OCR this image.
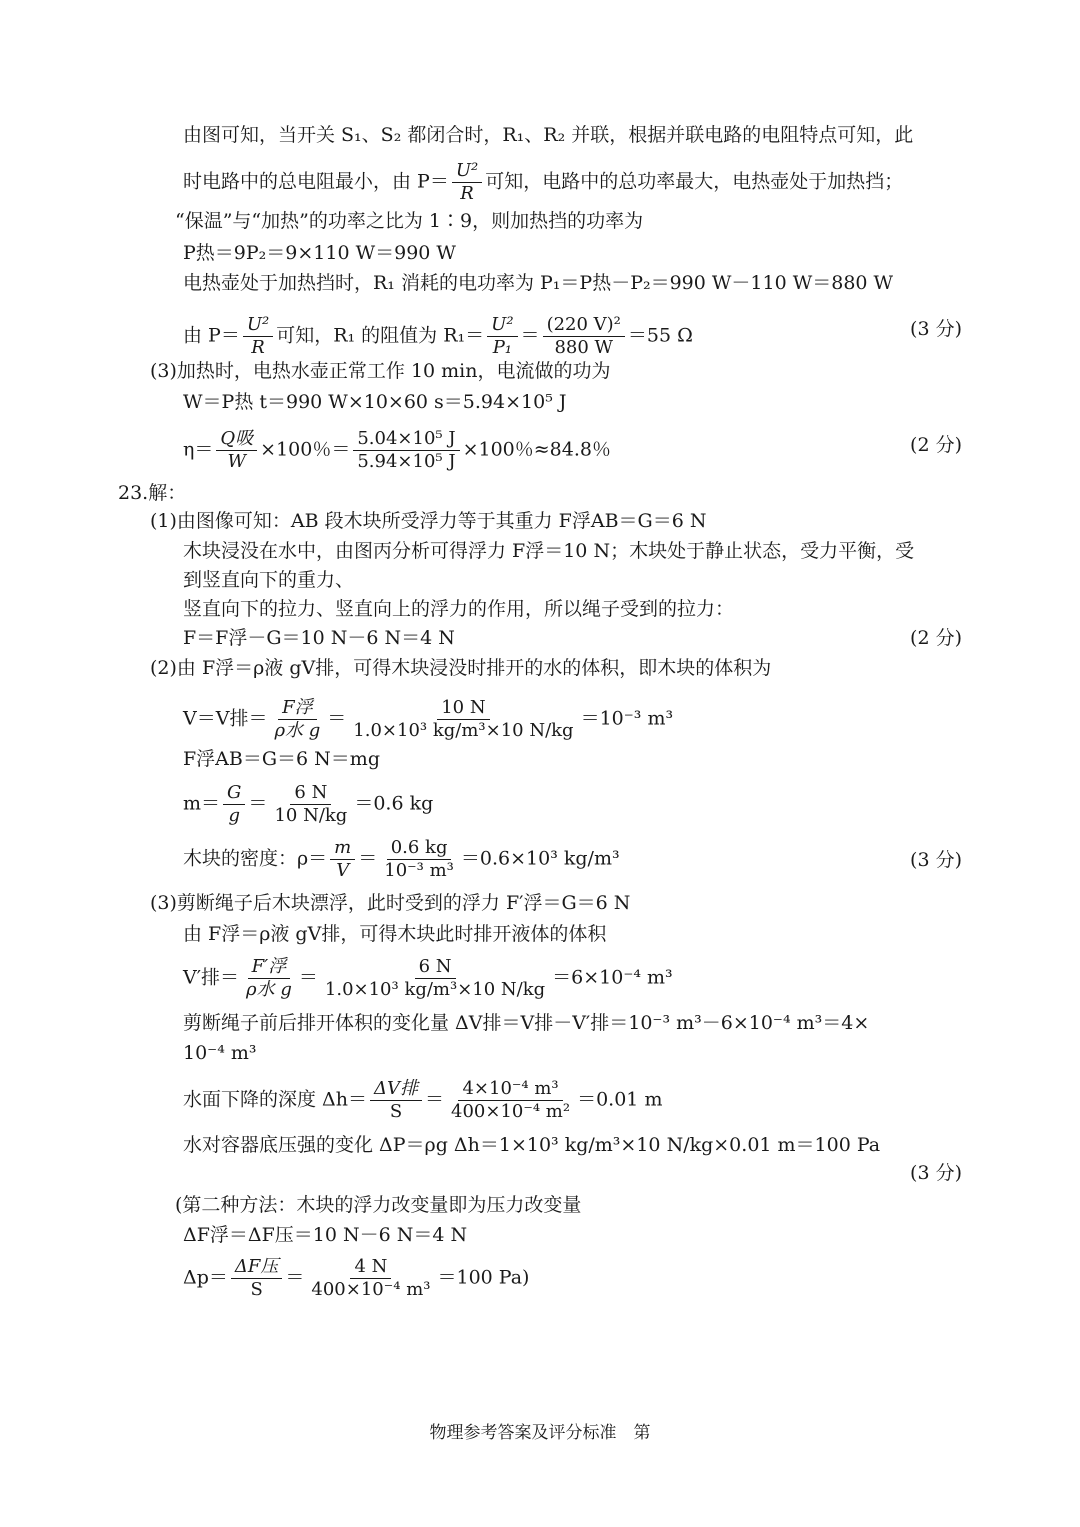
由图可知，当开关 S₁、S₂ 都闭合时，R₁、R₂ 并联，根据并联电路的电阻特点可知，此
时电路中的总电阻最小，由 $P= \frac{\text{U²}}{R}$ 可知，电路中的总功率最大，电热壶处于加热挡；
“保温”与“加热”的功率之比为 1∶9，则加热挡的功率为
P热＝9P₂＝9×110 W＝990 W
电热壶处于加热挡时，R₁ 消耗的电功率为 P₁＝P热－P₂＝990 W－110 W＝880 W
由 $P= \frac{\text{U²}}{R}$ 可知，R₁ 的阻值为 $R_1= \frac{\text{U²}}{\text{P₁}} = \frac{\text{(220 V)²}}{880 W} =55$ Ω	(3 分)
(3)加热时，电热水壶正常工作 10 min，电流做的功为
W＝P热 t＝990 W×10×60 s＝5.94×10⁵ J
$\eta= \frac{\text{Q吸}}{W} \times 100$％＝ $\frac{\text{5.04×10⁵ J}}{\text{5.94×10⁵ J}} \times 100$％≈84.8％	(2 分)
23.解：
(1)由图像可知：AB 段木块所受浮力等于其重力 F浮AB＝G＝6 N
木块浸没在水中，由图丙分析可得浮力 F浮＝10 N；木块处于静止状态，受力平衡，受
到竖直向下的重力、
竖直向下的拉力、竖直向上的浮力的作用，所以绳子受到的拉力：
F＝F浮－G＝10 N－6 N＝4 N	(2 分)
(2)由 F浮＝ρ液 gV排，可得木块浸没时排开的水的体积，即木块的体积为
V＝V排＝ $\frac{\text{F浮}}{\text{ρ水 g}} = \frac{10 N}{\text{1.0×10³ kg/m³×10 N/kg}} =10^{-3}$ m³
F浮AB＝G＝6 N＝mg
$m= \frac{G}{g} = \frac{6 N}{10 N/kg} =0.6$ kg
木块的密度：$\rho= \frac{m}{V} = \frac{0.6 kg}{\text{10⁻³ m³}} =0.6\times 10^3$ kg/m³	(3 分)
(3)剪断绳子后木块漂浮，此时受到的浮力 F′浮＝G＝6 N
由 F浮＝ρ液 gV排，可得木块此时排开液体的体积
V′排＝ $\frac{\text{F′浮}}{\text{ρ水 g}} = \frac{6 N}{\text{1.0×10³ kg/m³×10 N/kg}} =6\times 10^{-4}$ m³
剪断绳子前后排开体积的变化量 ΔV排＝V排－V′排＝10⁻³ m³－6×10⁻⁴ m³＝4×
10⁻⁴ m³
水面下降的深度 $\Delta h= \frac{\text{ΔV排}}{S} = \frac{\text{4×10⁻⁴ m³}}{\text{400×10⁻⁴ m²}} =0.01$ m
水对容器底压强的变化 ΔP＝ρg Δh＝1×10³ kg/m³×10 N/kg×0.01 m＝100 Pa
(3 分)
(第二种方法：木块的浮力改变量即为压力改变量
ΔF浮＝ΔF压＝10 N－6 N＝4 N
$\Delta p= \frac{\text{ΔF压}}{S} = \frac{4 N}{\text{400×10⁻⁴ m³}} =100$ Pa)
物理参考答案及评分标准　第
